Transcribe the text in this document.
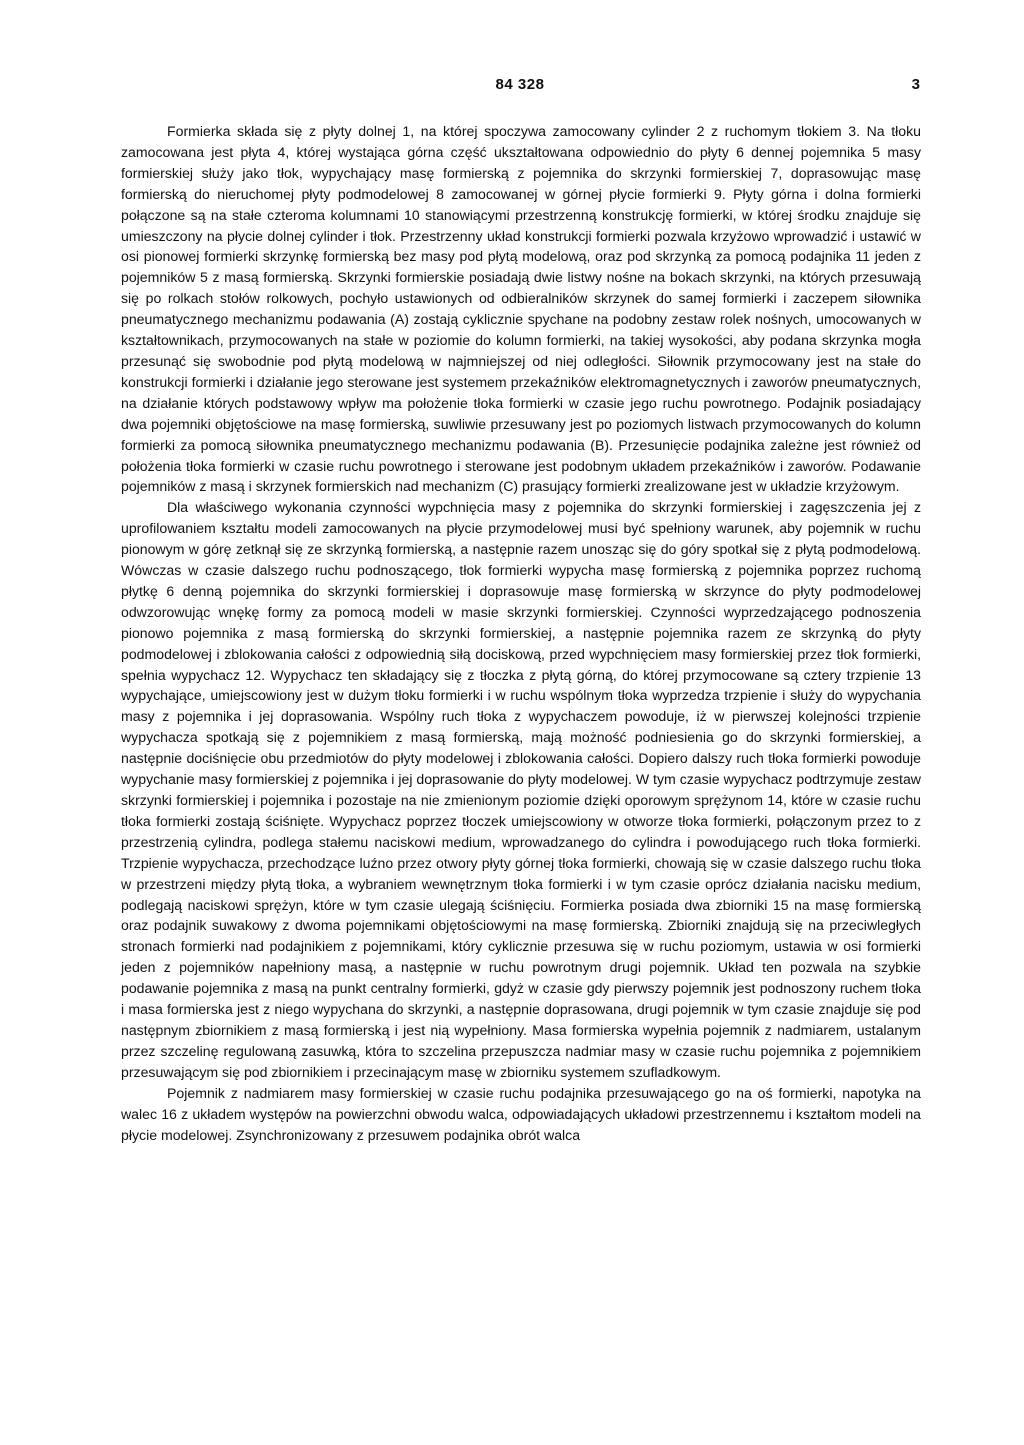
84 328	3

Formierka składa się z płyty dolnej 1, na której spoczywa zamocowany cylinder 2 z ruchomym tłokiem 3. Na tłoku zamocowana jest płyta 4, której wystająca górna część ukształtowana odpowiednio do płyty 6 dennej pojemnika 5 masy formierskiej służy jako tłok, wypychający masę formierską z pojemnika do skrzynki formierskiej 7, doprasowując masę formierską do nieruchomej płyty podmodelowej 8 zamocowanej w górnej płycie formierki 9. Płyty górna i dolna formierki połączone są na stałe czteroma kolumnami 10 stanowiącymi przestrzenną konstrukcję formierki, w której środku znajduje się umieszczony na płycie dolnej cylinder i tłok. Przestrzenny układ konstrukcji formierki pozwala krzyżowo wprowadzić i ustawić w osi pionowej formierki skrzynkę formierską bez masy pod płytą modelową, oraz pod skrzynką za pomocą podajnika 11 jeden z pojemników 5 z masą formierską. Skrzynki formierskie posiadają dwie listwy nośne na bokach skrzynki, na których przesuwają się po rolkach stołów rolkowych, pochyło ustawionych od odbieralników skrzynek do samej formierki i zaczepem siłownika pneumatycznego mechanizmu podawania (A) zostają cyklicznie spychane na podobny zestaw rolek nośnych, umocowanych w kształtownikach, przymocowanych na stałe w poziomie do kolumn formierki, na takiej wysokości, aby podana skrzynka mogła przesunąć się swobodnie pod płytą modelową w najmniejszej od niej odległości. Siłownik przymocowany jest na stałe do konstrukcji formierki i działanie jego sterowane jest systemem przekaźników elektromagnetycznych i zaworów pneumatycznych, na działanie których podstawowy wpływ ma położenie tłoka formierki w czasie jego ruchu powrotnego. Podajnik posiadający dwa pojemniki objętościowe na masę formierską, suwliwie przesuwany jest po poziomych listwach przymocowanych do kolumn formierki za pomocą siłownika pneumatycznego mechanizmu podawania (B). Przesunięcie podajnika zależne jest również od położenia tłoka formierki w czasie ruchu powrotnego i sterowane jest podobnym układem przekaźników i zaworów. Podawanie pojemników z masą i skrzynek formierskich nad mechanizm (C) prasujący formierki zrealizowane jest w układzie krzyżowym.

Dla właściwego wykonania czynności wypchnięcia masy z pojemnika do skrzynki formierskiej i zagęszczenia jej z uprofilowaniem kształtu modeli zamocowanych na płycie przymodelowej musi być spełniony warunek, aby pojemnik w ruchu pionowym w górę zetknął się ze skrzynką formierską, a następnie razem unosząc się do góry spotkał się z płytą podmodelową. Wówczas w czasie dalszego ruchu podnoszącego, tłok formierki wypycha masę formierską z pojemnika poprzez ruchomą płytkę 6 denną pojemnika do skrzynki formierskiej i doprasowuje masę formierską w skrzynce do płyty podmodelowej odwzorowując wnękę formy za pomocą modeli w masie skrzynki formierskiej. Czynności wyprzedzającego podnoszenia pionowo pojemnika z masą formierską do skrzynki formierskiej, a następnie pojemnika razem ze skrzynką do płyty podmodelowej i zblokowania całości z odpowiednią siłą dociskową, przed wypchnięciem masy formierskiej przez tłok formierki, spełnia wypychacz 12. Wypychacz ten składający się z tłoczka z płytą górną, do której przymocowane są cztery trzpienie 13 wypychające, umiejscowiony jest w dużym tłoku formierki i w ruchu wspólnym tłoka wyprzedza trzpienie i służy do wypychania masy z pojemnika i jej doprasowania. Wspólny ruch tłoka z wypychaczem powoduje, iż w pierwszej kolejności trzpienie wypychacza spotkają się z pojemnikiem z masą formierską, mają możność podniesienia go do skrzynki formierskiej, a następnie dociśnięcie obu przedmiotów do płyty modelowej i zblokowania całości. Dopiero dalszy ruch tłoka formierki powoduje wypychanie masy formierskiej z pojemnika i jej doprasowanie do płyty modelowej. W tym czasie wypychacz podtrzymuje zestaw skrzynki formierskiej i pojemnika i pozostaje na nie zmienionym poziomie dzięki oporowym sprężynom 14, które w czasie ruchu tłoka formierki zostają ściśnięte. Wypychacz poprzez tłoczek umiejscowiony w otworze tłoka formierki, połączonym przez to z przestrzenią cylindra, podlega stałemu naciskowi medium, wprowadzanego do cylindra i powodującego ruch tłoka formierki. Trzpienie wypychacza, przechodzące luźno przez otwory płyty górnej tłoka formierki, chowają się w czasie dalszego ruchu tłoka w przestrzeni między płytą tłoka, a wybraniem wewnętrznym tłoka formierki i w tym czasie oprócz działania nacisku medium, podlegają naciskowi sprężyn, które w tym czasie ulegają ściśnięciu. Formierka posiada dwa zbiorniki 15 na masę formierską oraz podajnik suwakowy z dwoma pojemnikami objętościowymi na masę formierską. Zbiorniki znajdują się na przeciwległych stronach formierki nad podajnikiem z pojemnikami, który cyklicznie przesuwa się w ruchu poziomym, ustawia w osi formierki jeden z pojemników napełniony masą, a następnie w ruchu powrotnym drugi pojemnik. Układ ten pozwala na szybkie podawanie pojemnika z masą na punkt centralny formierki, gdyż w czasie gdy pierwszy pojemnik jest podnoszony ruchem tłoka i masa formierska jest z niego wypychana do skrzynki, a następnie doprasowana, drugi pojemnik w tym czasie znajduje się pod następnym zbiornikiem z masą formierską i jest nią wypełniony. Masa formierska wypełnia pojemnik z nadmiarem, ustalanym przez szczelinę regulowaną zasuwką, która to szczelina przepuszcza nadmiar masy w czasie ruchu pojemnika z pojemnikiem przesuwającym się pod zbiornikiem i przecinającym masę w zbiorniku systemem szufladkowym.

Pojemnik z nadmiarem masy formierskiej w czasie ruchu podajnika przesuwającego go na oś formierki, napotyka na walec 16 z układem występów na powierzchni obwodu walca, odpowiadających układowi przestrzennemu i kształtom modeli na płycie modelowej. Zsynchronizowany z przesuwem podajnika obrót walca
